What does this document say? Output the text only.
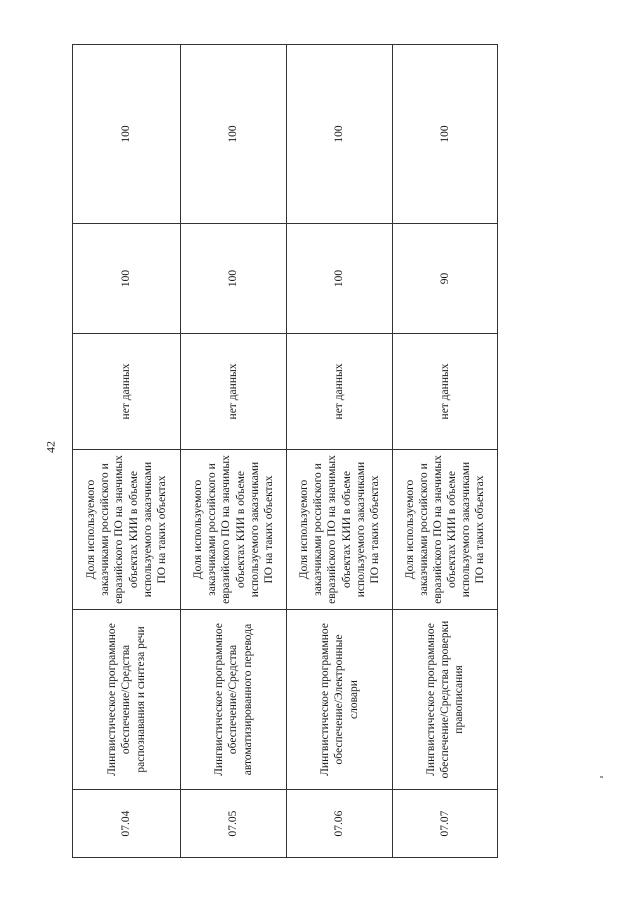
42
07.04	Лингвистическое программное обеспечение/Средства распознавания и синтеза речи	Доля используемого заказчиками российского и евразийского ПО на значимых объектах КИИ в объеме используемого заказчиками ПО на таких объектах	нет данных	100	100
07.05	Лингвистическое программное обеспечение/Средства автоматизированного перевода	Доля используемого заказчиками российского и евразийского ПО на значимых объектах КИИ в объеме используемого заказчиками ПО на таких объектах	нет данных	100	100
07.06	Лингвистическое программное обеспечение/Электронные словари	Доля используемого заказчиками российского и евразийского ПО на значимых объектах КИИ в объеме используемого заказчиками ПО на таких объектах	нет данных	100	100
07.07	Лингвистическое программное обеспечение/Средства проверки правописания	Доля используемого заказчиками российского и евразийского ПО на значимых объектах КИИ в объеме используемого заказчиками ПО на таких объектах	нет данных	90	100
